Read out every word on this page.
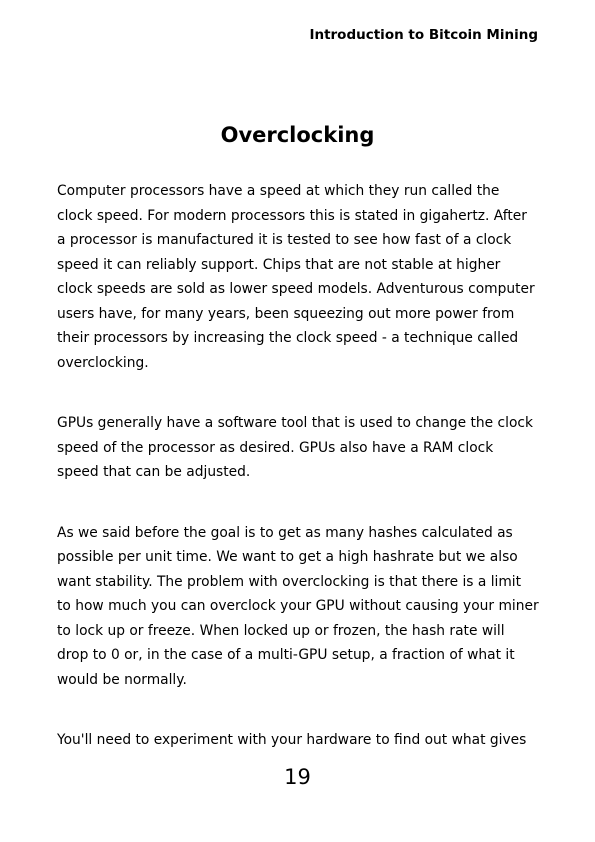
Introduction to Bitcoin Mining
Overclocking

Computer processors have a speed at which they run called the clock speed. For modern processors this is stated in gigahertz. After a processor is manufactured it is tested to see how fast of a clock speed it can reliably support. Chips that are not stable at higher clock speeds are sold as lower speed models. Adventurous computer users have, for many years, been squeezing out more power from their processors by increasing the clock speed - a technique called overclocking.

GPUs generally have a software tool that is used to change the clock speed of the processor as desired. GPUs also have a RAM clock speed that can be adjusted.

As we said before the goal is to get as many hashes calculated as possible per unit time. We want to get a high hashrate but we also want stability. The problem with overclocking is that there is a limit to how much you can overclock your GPU without causing your miner to lock up or freeze. When locked up or frozen, the hash rate will drop to 0 or, in the case of a multi-GPU setup, a fraction of what it would be normally.

You'll need to experiment with your hardware to find out what gives

19
